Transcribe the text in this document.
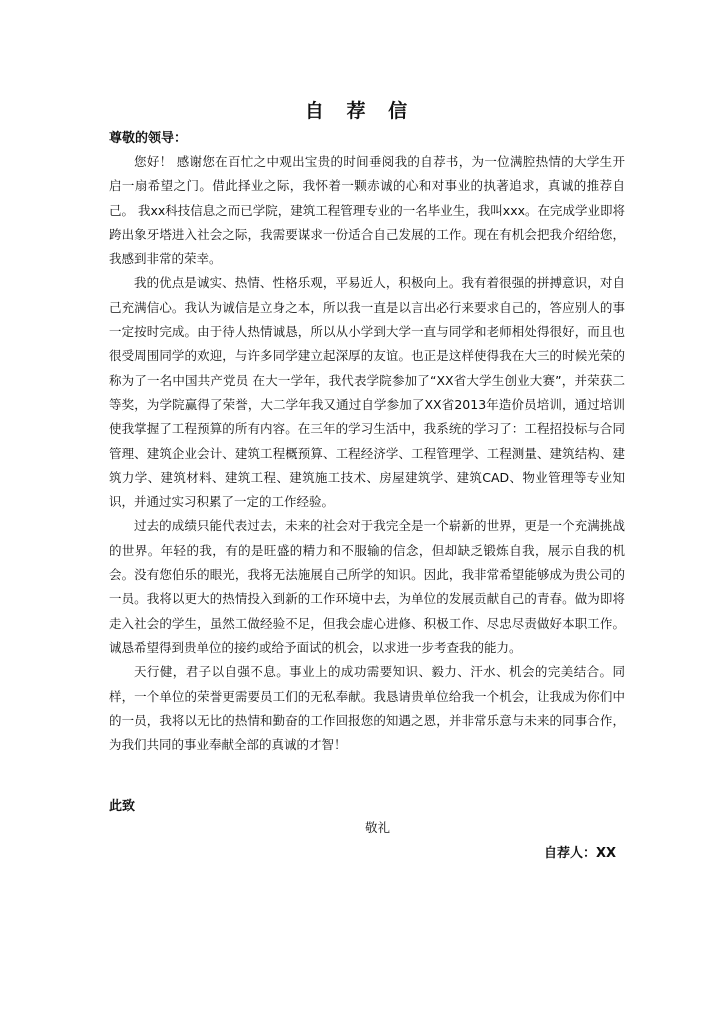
自 荐 信
尊敬的领导：

您好！ 感谢您在百忙之中观出宝贵的时间垂阅我的自荐书，为一位满腔热情的大学生开启一扇希望之门。借此择业之际，我怀着一颗赤诚的心和对事业的执著追求，真诚的推荐自己。 我xx科技信息之而已学院，建筑工程管理专业的一名毕业生，我叫xxx。在完成学业即将跨出象牙塔进入社会之际，我需要谋求一份适合自己发展的工作。现在有机会把我介绍给您，我感到非常的荣幸。

我的优点是诚实、热情、性格乐观，平易近人，积极向上。我有着很强的拼搏意识，对自己充满信心。我认为诚信是立身之本，所以我一直是以言出必行来要求自己的，答应别人的事一定按时完成。由于待人热情诚恳，所以从小学到大学一直与同学和老师相处得很好，而且也很受周围同学的欢迎，与许多同学建立起深厚的友谊。也正是这样使得我在大三的时候光荣的称为了一名中国共产党员 在大一学年，我代表学院参加了“XX省大学生创业大赛”，并荣获二等奖，为学院赢得了荣誉，大二学年我又通过自学参加了XX省2013年造价员培训，通过培训使我掌握了工程预算的所有内容。在三年的学习生活中，我系统的学习了：工程招投标与合同管理、建筑企业会计、建筑工程概预算、工程经济学、工程管理学、工程测量、建筑结构、建筑力学、建筑材料、建筑工程、建筑施工技术、房屋建筑学、建筑CAD、物业管理等专业知识，并通过实习积累了一定的工作经验。

过去的成绩只能代表过去，未来的社会对于我完全是一个崭新的世界，更是一个充满挑战的世界。年轻的我，有的是旺盛的精力和不服输的信念，但却缺乏锻炼自我，展示自我的机会。没有您伯乐的眼光，我将无法施展自己所学的知识。因此，我非常希望能够成为贵公司的一员。我将以更大的热情投入到新的工作环境中去，为单位的发展贡献自己的青春。做为即将走入社会的学生，虽然工做经验不足，但我会虚心进修、积极工作、尽忠尽责做好本职工作。诚恳希望得到贵单位的接约或给予面试的机会，以求进一步考查我的能力。

天行健，君子以自强不息。事业上的成功需要知识、毅力、汗水、机会的完美结合。同样，一个单位的荣誉更需要员工们的无私奉献。我恳请贵单位给我一个机会，让我成为你们中的一员，我将以无比的热情和勤奋的工作回报您的知遇之恩，并非常乐意与未来的同事合作，为我们共同的事业奉献全部的真诚的才智！

此致
敬礼
自荐人：XX
